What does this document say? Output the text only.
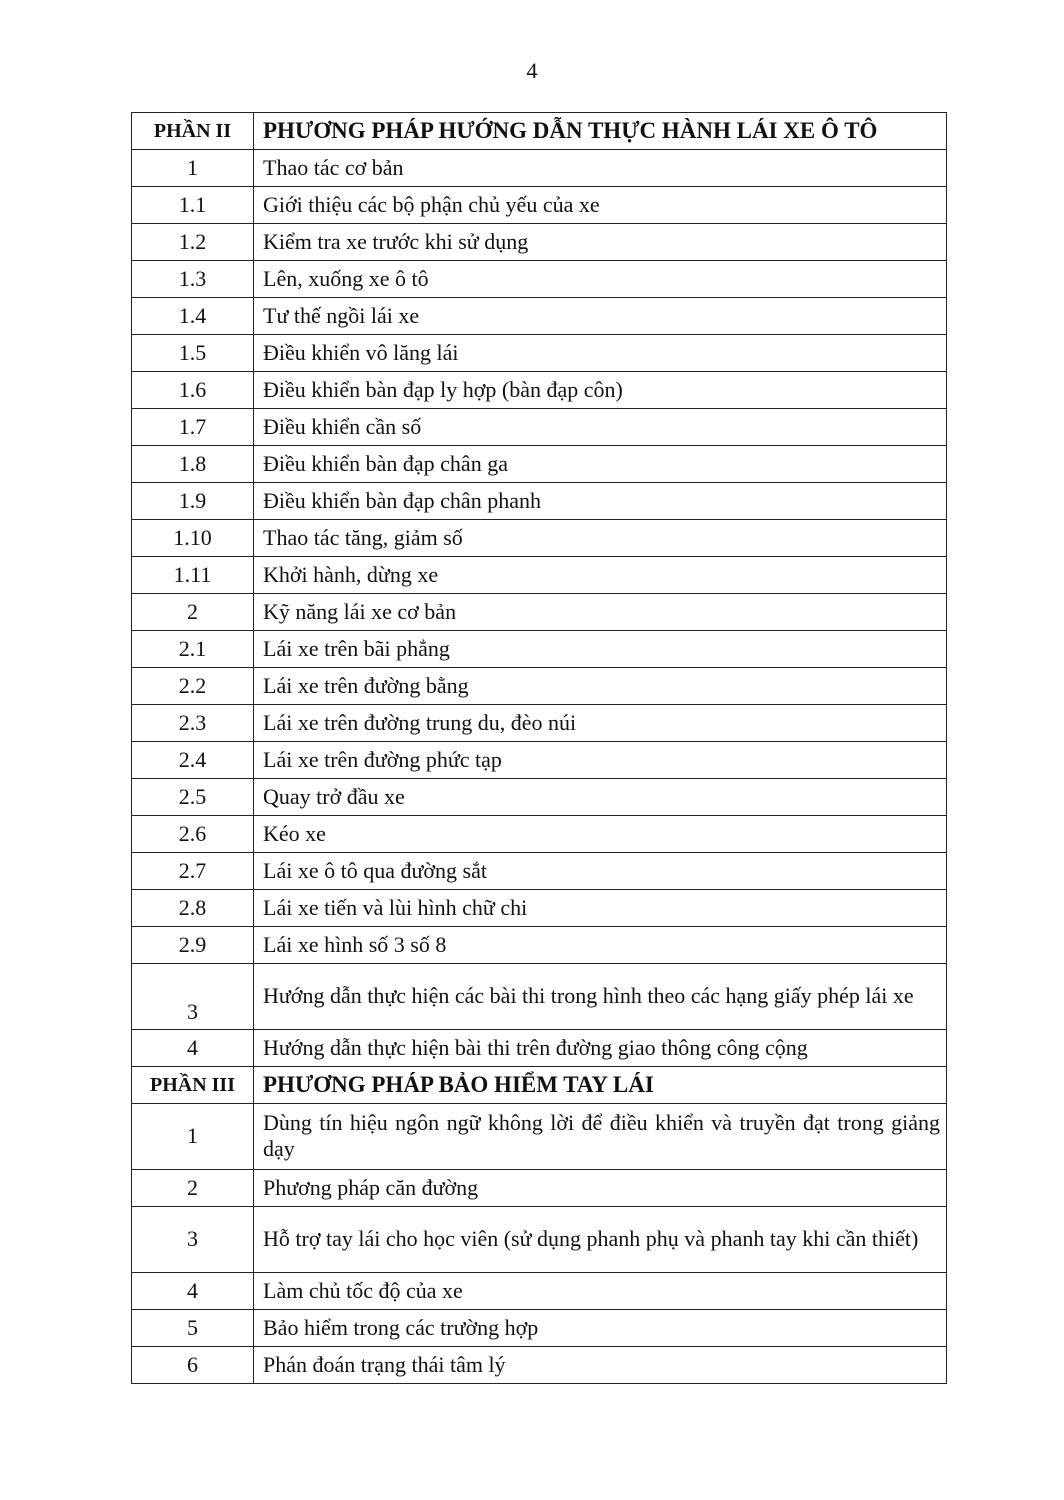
4
PHẦN II	PHƯƠNG PHÁP HƯỚNG DẪN THỰC HÀNH LÁI XE Ô TÔ
1	Thao tác cơ bản
1.1	Giới thiệu các bộ phận chủ yếu của xe
1.2	Kiểm tra xe trước khi sử dụng
1.3	Lên, xuống xe ô tô
1.4	Tư thế ngồi lái xe
1.5	Điều khiển vô lăng lái
1.6	Điều khiển bàn đạp ly hợp (bàn đạp côn)
1.7	Điều khiển cần số
1.8	Điều khiển bàn đạp chân ga
1.9	Điều khiển bàn đạp chân phanh
1.10	Thao tác tăng, giảm số
1.11	Khởi hành, dừng xe
2	Kỹ năng lái xe cơ bản
2.1	Lái xe trên bãi phẳng
2.2	Lái xe trên đường bằng
2.3	Lái xe trên đường trung du, đèo núi
2.4	Lái xe trên đường phức tạp
2.5	Quay trở đầu xe
2.6	Kéo xe
2.7	Lái xe ô tô qua đường sắt
2.8	Lái xe tiến và lùi hình chữ chi
2.9	Lái xe hình số 3 số 8
3	Hướng dẫn thực hiện các bài thi trong hình theo các hạng giấy phép lái xe
4	Hướng dẫn thực hiện bài thi trên đường giao thông công cộng
PHẦN III	PHƯƠNG PHÁP BẢO HIỂM TAY LÁI
1	Dùng tín hiệu ngôn ngữ không lời để điều khiển và truyền đạt trong giảng dạy
2	Phương pháp căn đường
3	Hỗ trợ tay lái cho học viên (sử dụng phanh phụ và phanh tay khi cần thiết)
4	Làm chủ tốc độ của xe
5	Bảo hiểm trong các trường hợp
6	Phán đoán trạng thái tâm lý
